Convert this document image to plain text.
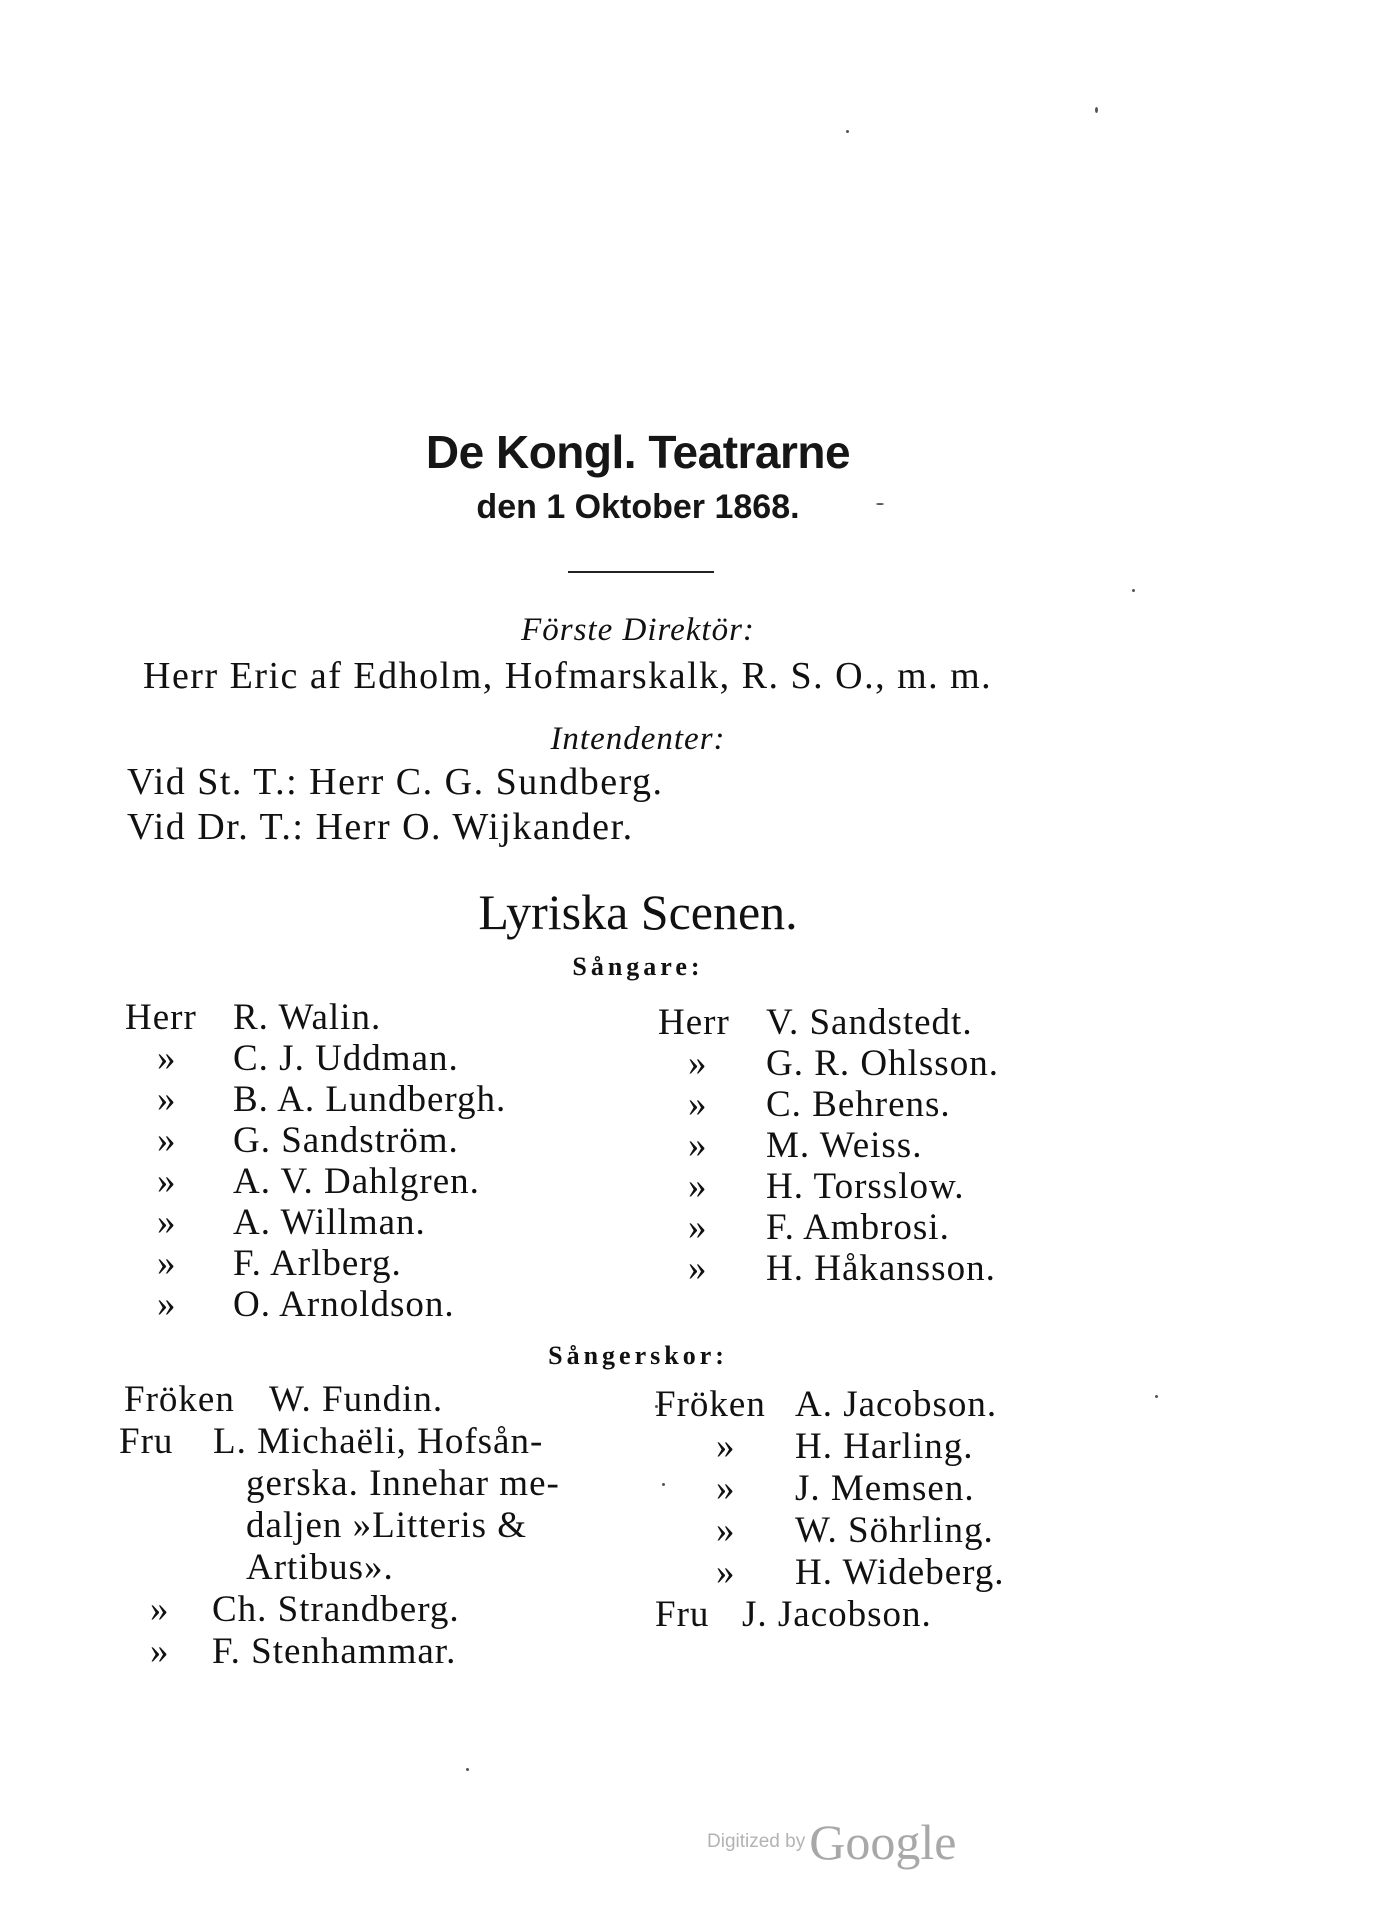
De Kongl. Teatrarne
den 1 Oktober 1868.
Förste Direktör:
Herr Eric af Edholm, Hofmarskalk, R. S. O., m. m.
Intendenter:
Vid St. T.: Herr C. G. Sundberg.
Vid Dr. T.: Herr O. Wijkander.
Lyriska Scenen.
Sångare:
Herr R. Walin.
» C. J. Uddman.
» B. A. Lundbergh.
» G. Sandström.
» A. V. Dahlgren.
» A. Willman.
» F. Arlberg.
» O. Arnoldson.
Herr V. Sandstedt.
» G. R. Ohlsson.
» C. Behrens.
» M. Weiss.
» H. Torsslow.
» F. Ambrosi.
» H. Håkansson.
Sångerskor:
Fröken W. Fundin.
Fru L. Michaëli, Hofsån-
gerska. Innehar me-
daljen »Litteris &
Artibus».
» Ch. Strandberg.
» F. Stenhammar.
Fröken A. Jacobson.
» H. Harling.
» J. Memsen.
» W. Söhrling.
» H. Wideberg.
Fru J. Jacobson.
Digitized by Google
